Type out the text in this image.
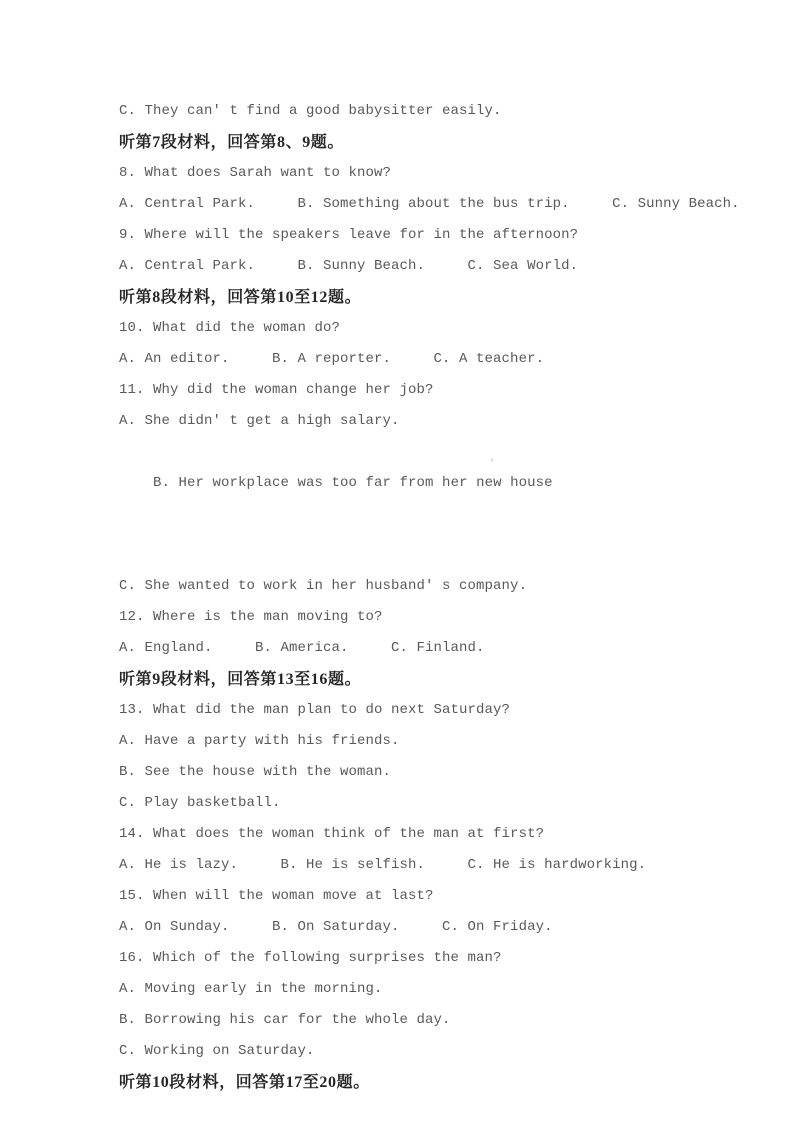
C. They can' t find a good babysitter easily.

听第7段材料，回答第8、9题。

8. What does Sarah want to know?

A. Central Park.     B. Something about the bus trip.     C. Sunny Beach.

9. Where will the speakers leave for in the afternoon?

A. Central Park.     B. Sunny Beach.     C. Sea World.

听第8段材料，回答第10至12题。

10. What did the woman do?

A. An editor.     B. A reporter.     C. A teacher.

11. Why did the woman change her job?

A. She didn' t get a high salary.

B. Her workplace was too far from her new house

'

C. She wanted to work in her husband' s company.

12. Where is the man moving to?

A. England.     B. America.     C. Finland.

听第9段材料，回答第13至16题。

13. What did the man plan to do next Saturday?

A. Have a party with his friends.

B. See the house with the woman.

C. Play basketball.

14. What does the woman think of the man at first?

A. He is lazy.     B. He is selfish.     C. He is hardworking.

15. When will the woman move at last?

A. On Sunday.     B. On Saturday.     C. On Friday.

16. Which of the following surprises the man?

A. Moving early in the morning.

B. Borrowing his car for the whole day.

C. Working on Saturday.

听第10段材料，回答第17至20题。
